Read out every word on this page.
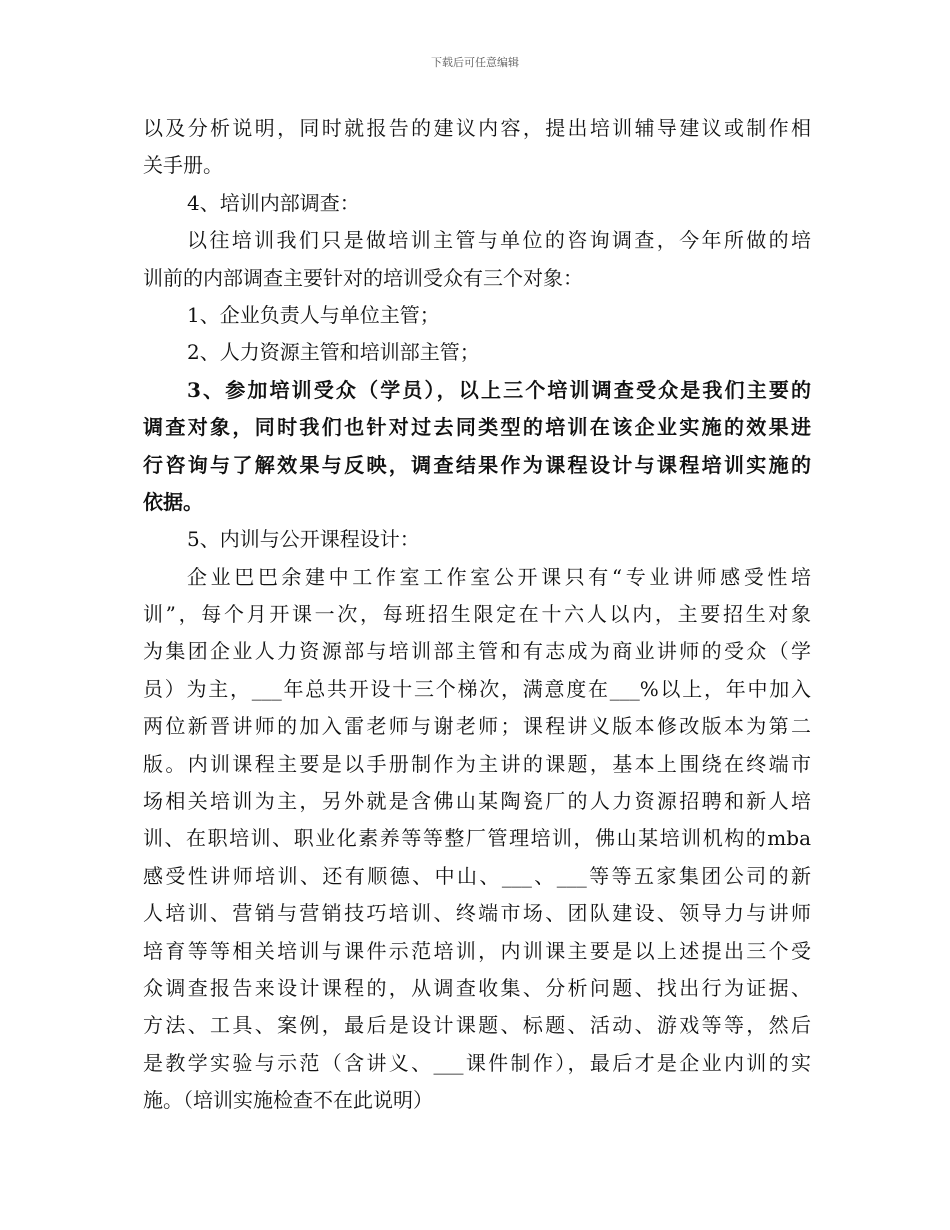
下载后可任意编辑
以及分析说明，同时就报告的建议内容，提出培训辅导建议或制作相
关手册。
4、培训内部调查：
以往培训我们只是做培训主管与单位的咨询调查，今年所做的培
训前的内部调查主要针对的培训受众有三个对象：
1、企业负责人与单位主管；
2、人力资源主管和培训部主管；
3、参加培训受众（学员），以上三个培训调查受众是我们主要的
调查对象，同时我们也针对过去同类型的培训在该企业实施的效果进
行咨询与了解效果与反映，调查结果作为课程设计与课程培训实施的
依据。
5、内训与公开课程设计：
企业巴巴余建中工作室工作室公开课只有“专业讲师感受性培
训”，每个月开课一次，每班招生限定在十六人以内，主要招生对象
为集团企业人力资源部与培训部主管和有志成为商业讲师的受众（学
员）为主，___年总共开设十三个梯次，满意度在___%以上，年中加入
两位新晋讲师的加入雷老师与谢老师；课程讲义版本修改版本为第二
版。内训课程主要是以手册制作为主讲的课题，基本上围绕在终端市
场相关培训为主，另外就是含佛山某陶瓷厂的人力资源招聘和新人培
训、在职培训、职业化素养等等整厂管理培训，佛山某培训机构的mba
感受性讲师培训、还有顺德、中山、___、___等等五家集团公司的新
人培训、营销与营销技巧培训、终端市场、团队建设、领导力与讲师
培育等等相关培训与课件示范培训，内训课主要是以上述提出三个受
众调查报告来设计课程的，从调查收集、分析问题、找出行为证据、
方法、工具、案例，最后是设计课题、标题、活动、游戏等等，然后
是教学实验与示范（含讲义、___课件制作），最后才是企业内训的实
施。（培训实施检查不在此说明）
